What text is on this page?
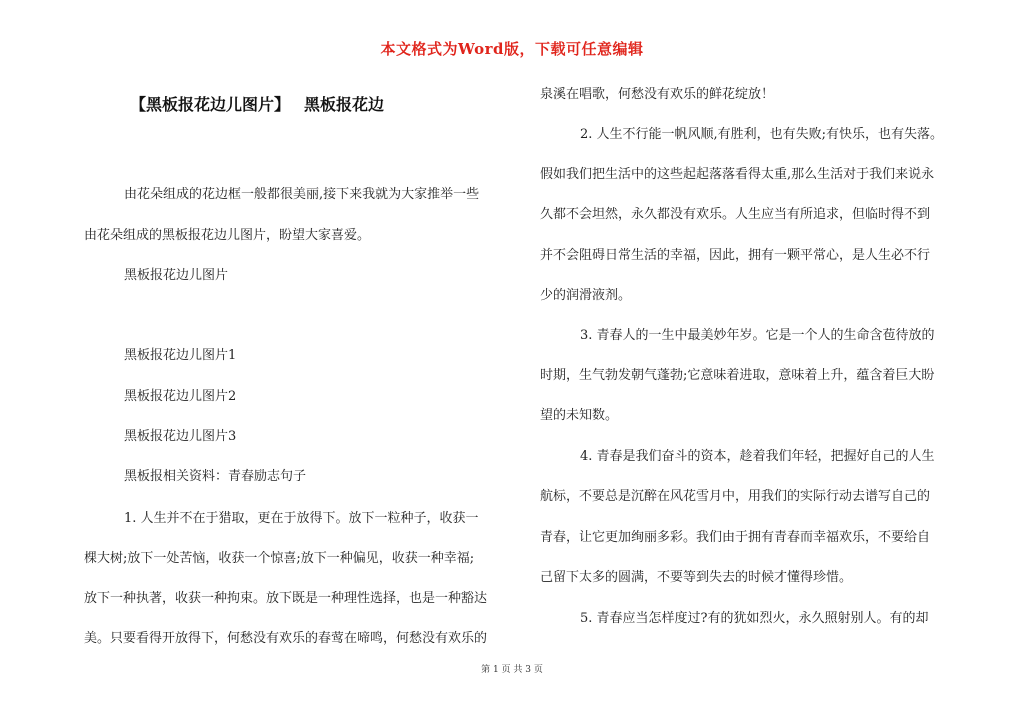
本文格式为Word版，下载可任意编辑
【黑板报花边儿图片】 黑板报花边
由花朵组成的花边框一般都很美丽,接下来我就为大家推举一些
由花朵组成的黑板报花边儿图片，盼望大家喜爱。
黑板报花边儿图片
黑板报花边儿图片1
黑板报花边儿图片2
黑板报花边儿图片3
黑板报相关资料：青春励志句子
1. 人生并不在于猎取，更在于放得下。放下一粒种子，收获一
棵大树;放下一处苦恼，收获一个惊喜;放下一种偏见，收获一种幸福;
放下一种执著，收获一种拘束。放下既是一种理性选择，也是一种豁达
美。只要看得开放得下，何愁没有欢乐的春莺在啼鸣，何愁没有欢乐的
泉溪在唱歌，何愁没有欢乐的鲜花绽放！
2. 人生不行能一帆风顺,有胜利，也有失败;有快乐，也有失落。
假如我们把生活中的这些起起落落看得太重,那么生活对于我们来说永
久都不会坦然，永久都没有欢乐。人生应当有所追求，但临时得不到
并不会阻碍日常生活的幸福，因此，拥有一颗平常心，是人生必不行
少的润滑液剂。
3. 青春人的一生中最美妙年岁。它是一个人的生命含苞待放的
时期，生气勃发朝气蓬勃;它意味着进取，意味着上升，蕴含着巨大盼
望的未知数。
4. 青春是我们奋斗的资本，趁着我们年轻，把握好自己的人生
航标，不要总是沉醉在风花雪月中，用我们的实际行动去谱写自己的
青春，让它更加绚丽多彩。我们由于拥有青春而幸福欢乐，不要给自
己留下太多的圆满，不要等到失去的时候才懂得珍惜。
5. 青春应当怎样度过?有的犹如烈火，永久照射别人。有的却
第 1 页 共 3 页
